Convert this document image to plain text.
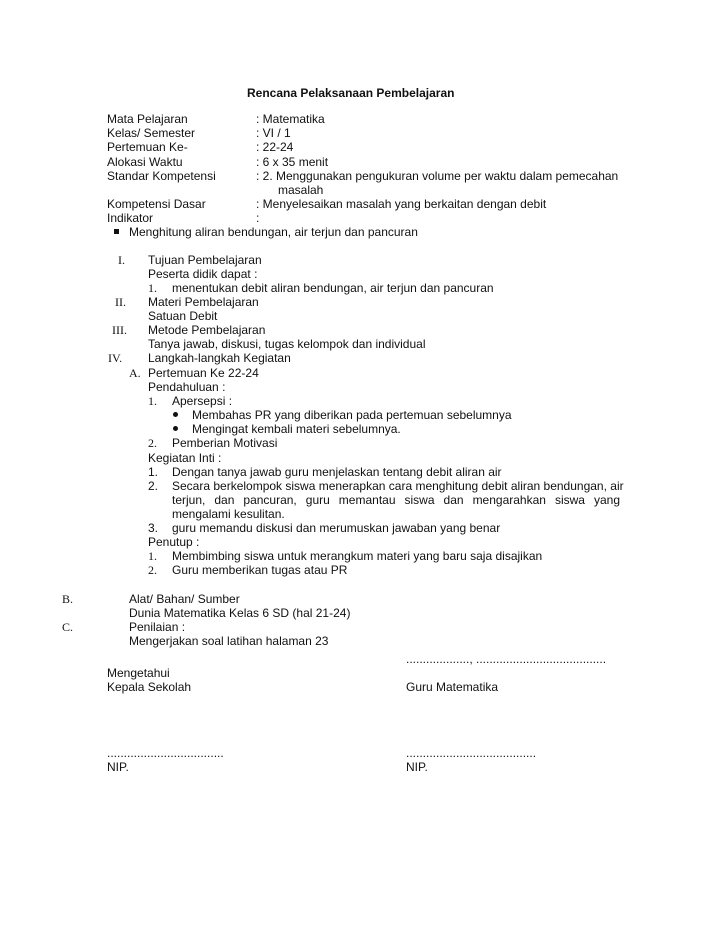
Rencana Pelaksanaan Pembelajaran
Mata Pelajaran	: Matematika
Kelas/ Semester	: VI / 1
Pertemuan Ke-	: 22-24
Alokasi Waktu	: 6 x 35 menit
Standar Kompetensi	: 2. Menggunakan pengukuran volume per waktu dalam pemecahan
masalah
Kompetensi Dasar	: Menyelesaikan masalah yang berkaitan dengan debit
Indikator	:
Menghitung aliran bendungan, air terjun dan pancuran
I. Tujuan Pembelajaran
Peserta didik dapat :
1. menentukan debit aliran bendungan, air terjun dan pancuran
II. Materi Pembelajaran
Satuan Debit
III. Metode Pembelajaran
Tanya jawab, diskusi, tugas kelompok dan individual
IV. Langkah-langkah Kegiatan
A. Pertemuan Ke 22-24
Pendahuluan :
1. Apersepsi :
Membahas PR yang diberikan pada pertemuan sebelumnya
Mengingat kembali materi sebelumnya.
2. Pemberian Motivasi
Kegiatan Inti :
1. Dengan tanya jawab guru menjelaskan tentang debit aliran air
2. Secara berkelompok siswa menerapkan cara menghitung debit aliran bendungan, air
terjun, dan pancuran, guru memantau siswa dan mengarahkan siswa yang
mengalami kesulitan.
3. guru memandu diskusi dan merumuskan jawaban yang benar
Penutup :
1. Membimbing siswa untuk merangkum materi yang baru saja disajikan
2. Guru memberikan tugas atau PR
B.	Alat/ Bahan/ Sumber
Dunia Matematika Kelas 6 SD (hal 21-24)
C.	Penilaian :
Mengerjakan soal latihan halaman 23
..................., .......................................
Mengetahui
Kepala Sekolah	Guru Matematika
...................................	.......................................
NIP.	NIP.
